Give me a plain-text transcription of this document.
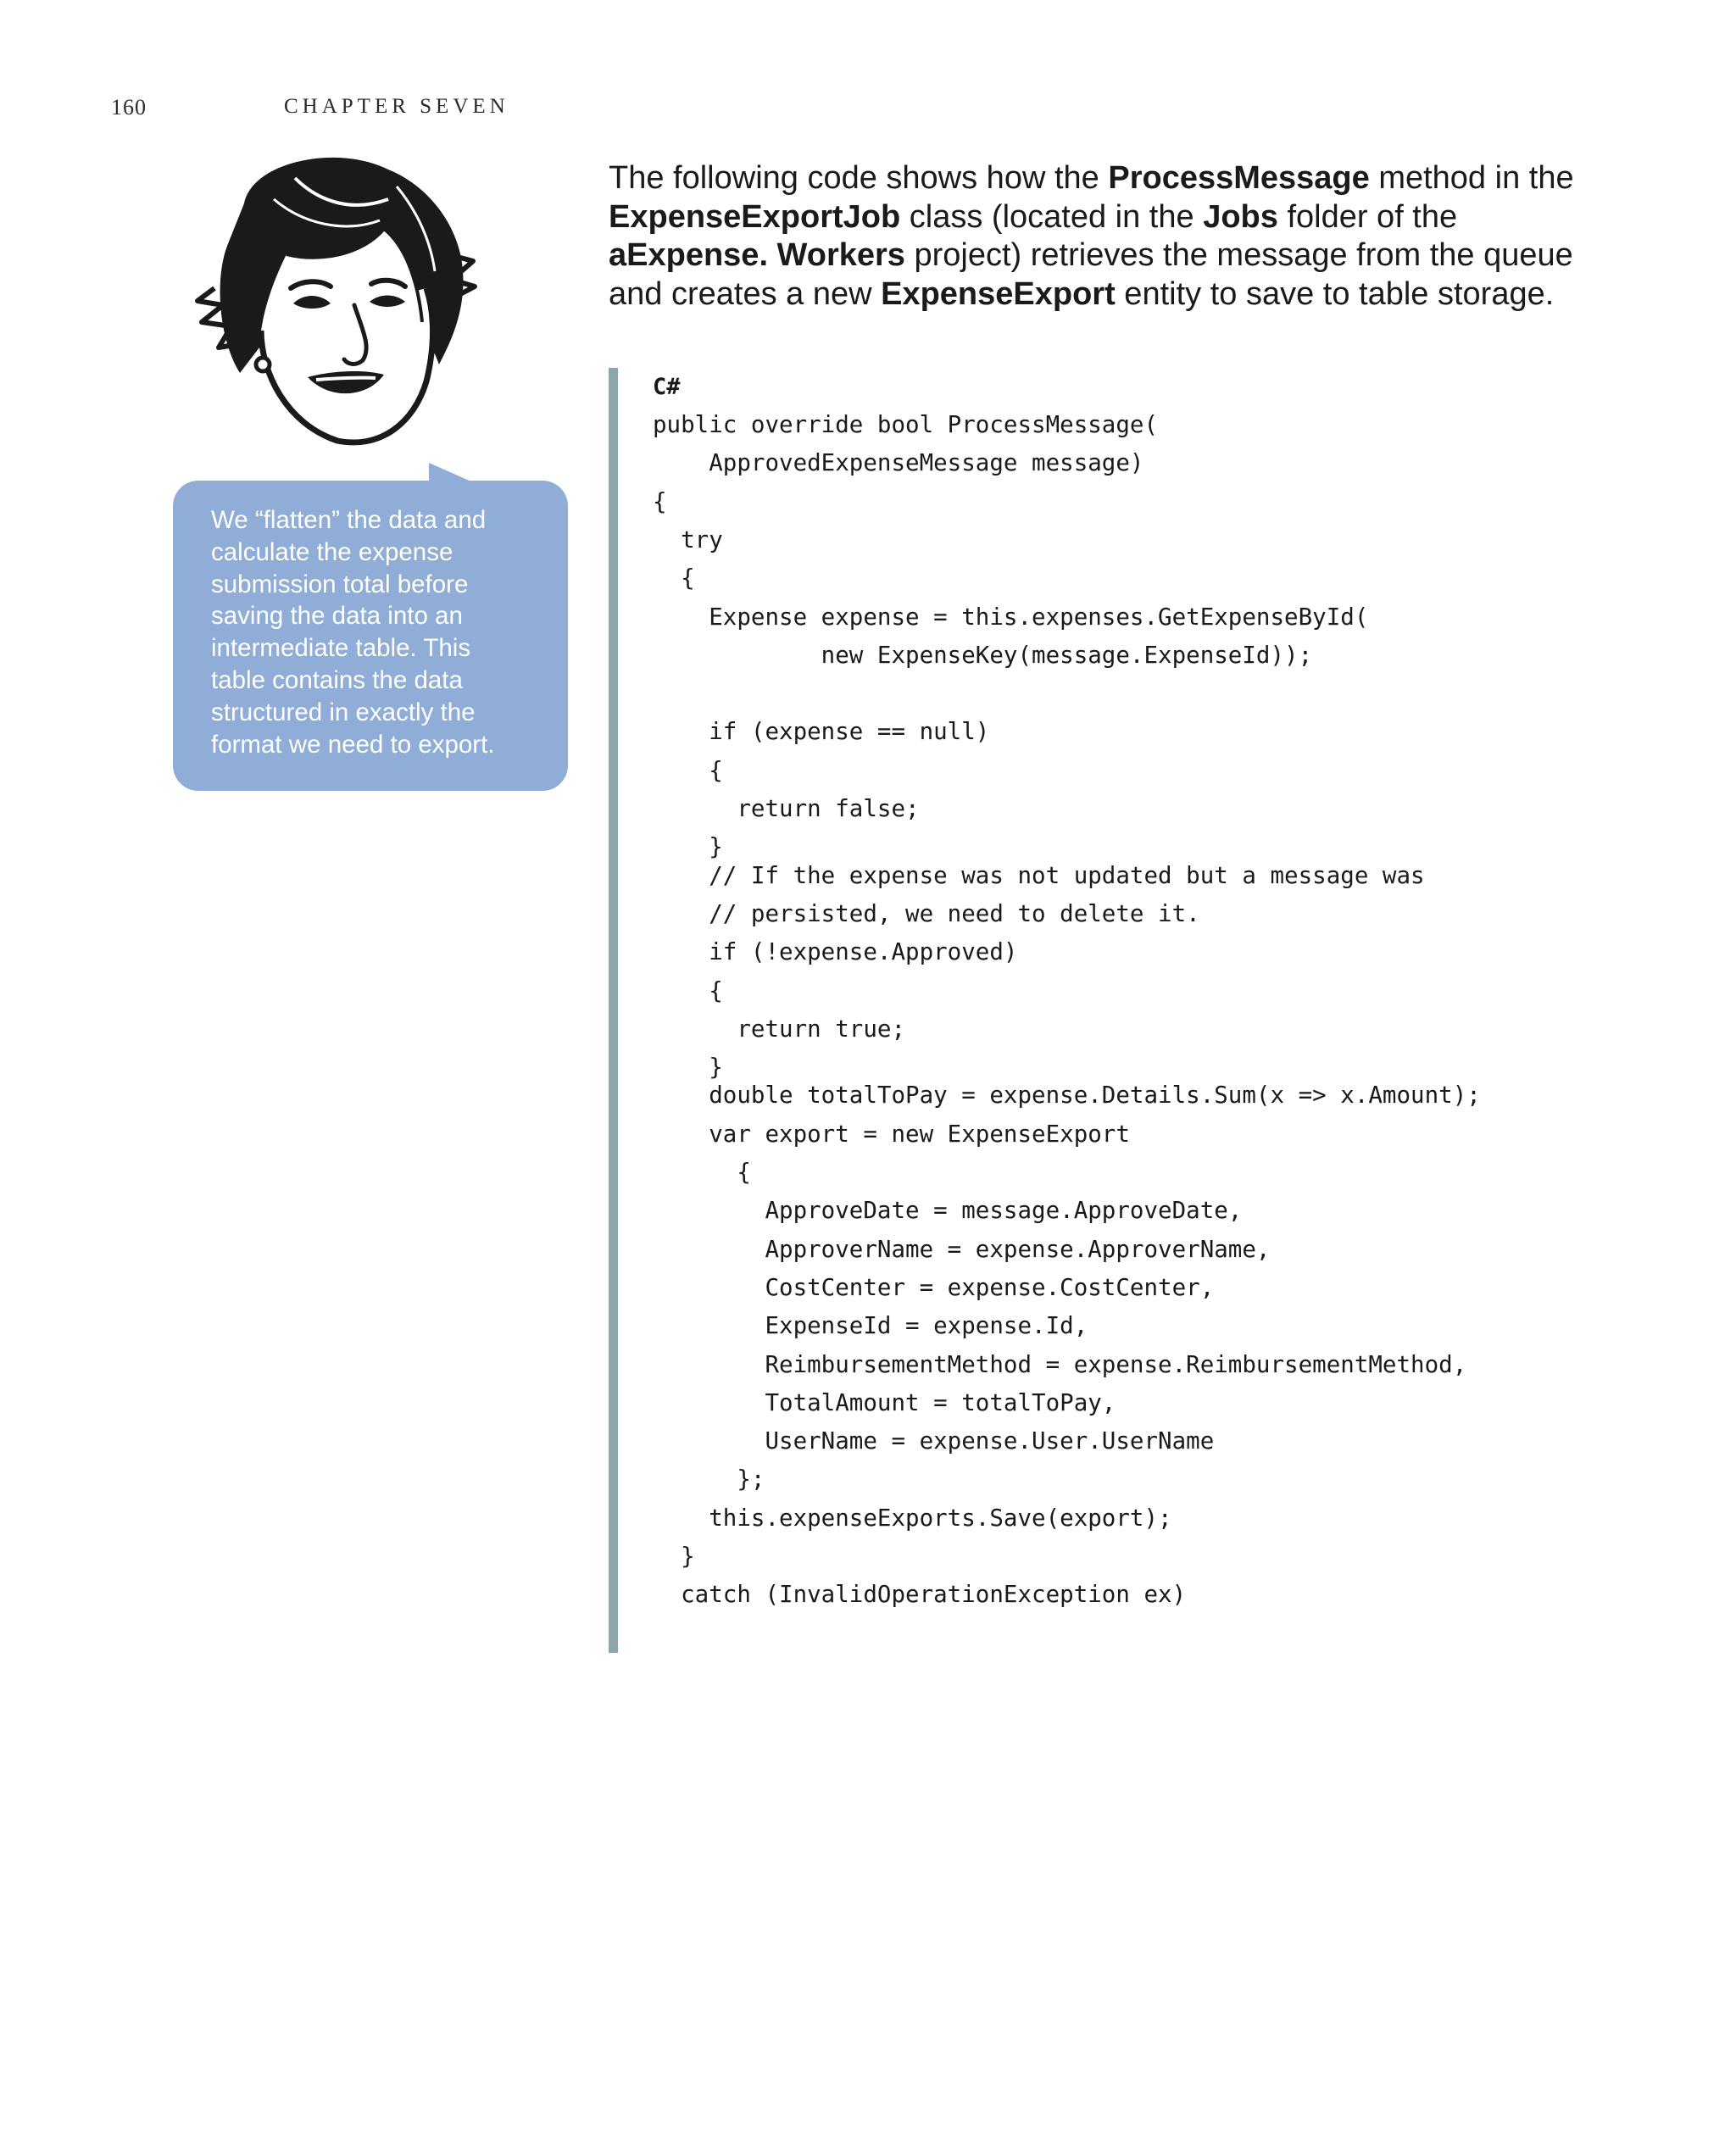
160	CHAPTER SEVEN

We “flatten” the data and
calculate the expense
submission total before
saving the data into an
intermediate table. This
table contains the data
structured in exactly the
format we need to export.

The following code shows how the ProcessMessage method in the ExpenseExportJob class (located in the Jobs folder of the aExpense. Workers project) retrieves the message from the queue and creates a new ExpenseExport entity to save to table storage.

C#
public override bool ProcessMessage(
ApprovedExpenseMessage message)
{
try
{
Expense expense = this.expenses.GetExpenseById(
new ExpenseKey(message.ExpenseId));
if (expense == null)
{
return false;
}
// If the expense was not updated but a message was
// persisted, we need to delete it.
if (!expense.Approved)
{
return true;
}
double totalToPay = expense.Details.Sum(x => x.Amount);
var export = new ExpenseExport
{
ApproveDate = message.ApproveDate,
ApproverName = expense.ApproverName,
CostCenter = expense.CostCenter,
ExpenseId = expense.Id,
ReimbursementMethod = expense.ReimbursementMethod,
TotalAmount = totalToPay,
UserName = expense.User.UserName
};
this.expenseExports.Save(export);
}
catch (InvalidOperationException ex)
